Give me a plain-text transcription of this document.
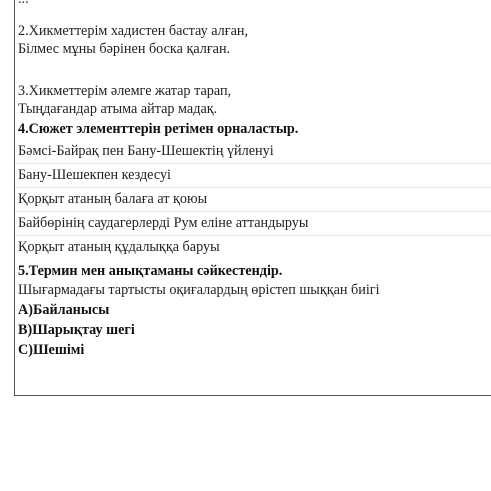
2.Хикметтерім хадистен бастау алған,
Білмес мұны бәрінен боска қалған.
3.Хикметтерім әлемге жатар тарап,
Тыңдағандар атыма айтар мадақ.
4.Сюжет элементтерін ретімен орналастыр.
Бәмсі-Байрақ пен Бану-Шешектің үйленуі
Бану-Шешекпен кездесуі
Қорқыт атаның балаға ат қоюы
Байбөрінің саудагерлерді Рум еліне аттандыруы
Қорқыт атаның құдалыққа баруы
5.Термин мен анықтаманы сәйкестендір.
Шығармадағы тартысты оқиғалардың өрістеп шыққан биігі
А)Байланысы
В)Шарықтау шегі
С)Шешімі
